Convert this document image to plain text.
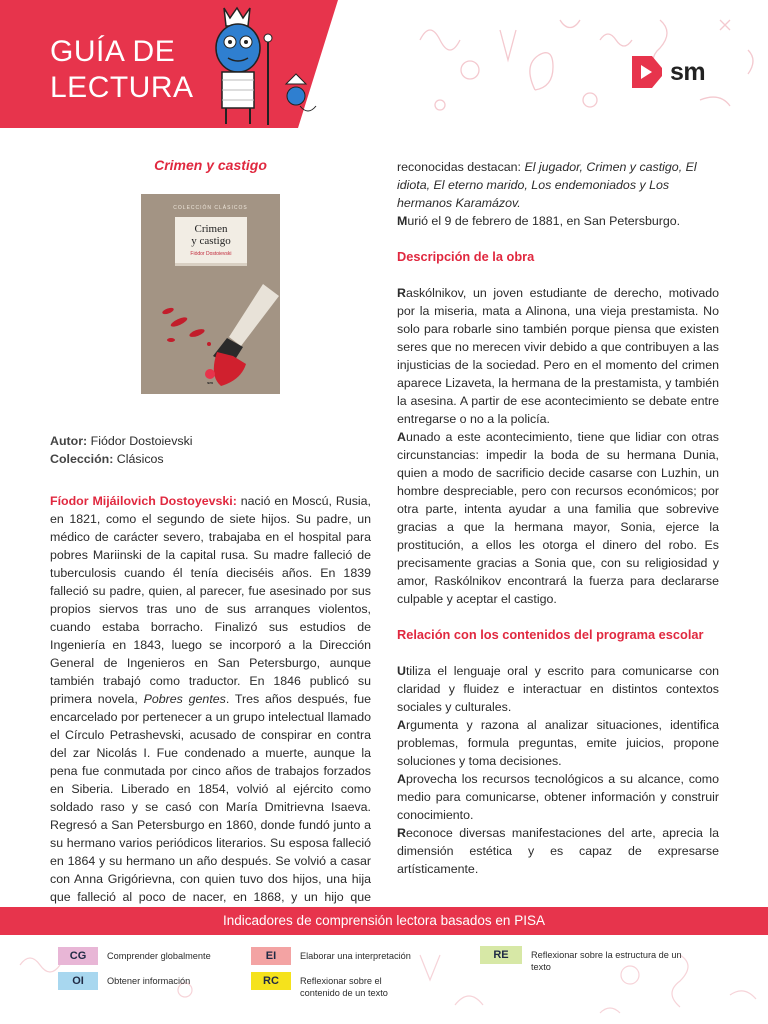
GUÍA DE
LECTURA	sm
Crimen y castigo
COLECCIÓN CLÁSICOS
Crimen
y castigo
Fiódor Dostoievski
sm
Autor: Fiódor Dostoievski
Colección: Clásicos

Fíodor Mijáilovich Dostoyevski: nació en Moscú, Rusia, en 1821, como el segundo de siete hijos. Su padre, un médico de carácter severo, trabajaba en el hospital para pobres Mariinski de la capital rusa. Su madre falleció de tuberculosis cuando él tenía dieciséis años. En 1839 falleció su padre, quien, al parecer, fue asesinado por sus propios siervos tras uno de sus arranques violentos, cuando estaba borracho. Finalizó sus estudios de Ingeniería en 1843, luego se incorporó a la Dirección General de Ingenieros en San Petersburgo, aunque también trabajó como traductor. En 1846 publicó su primera novela, Pobres gentes. Tres años después, fue encarcelado por pertenecer a un grupo intelectual llamado el Círculo Petrashevski, acusado de conspirar en contra del zar Nicolás I. Fue condenado a muerte, aunque la pena fue conmutada por cinco años de trabajos forzados en Siberia. Liberado en 1854, volvió al ejército como soldado raso y se casó con María Dmitrievna Isaeva. Regresó a San Petersburgo en 1860, donde fundó junto a su hermano varios periódicos literarios. Su esposa falleció en 1864 y su hermano un año después. Se volvió a casar con Anna Grigórievna, con quien tuvo dos hijos, una hija que falleció al poco de nacer, en 1868, y un hijo que

reconocidas destacan: El jugador, Crimen y castigo, El idiota, El eterno marido, Los endemoniados y Los hermanos Karamázov.
Murió el 9 de febrero de 1881, en San Petersburgo.

Descripción de la obra

Raskólnikov, un joven estudiante de derecho, motivado por la miseria, mata a Alinona, una vieja prestamista. No solo para robarle sino también porque piensa que existen seres que no merecen vivir debido a que contribuyen a las injusticias de la sociedad. Pero en el momento del crimen aparece Lizaveta, la hermana de la prestamista, y también la asesina. A partir de ese acontecimiento se debate entre entregarse o no a la policía.

Aunado a este acontecimiento, tiene que lidiar con otras circunstancias: impedir la boda de su hermana Dunia, quien a modo de sacrificio decide casarse con Luzhin, un hombre despreciable, pero con recursos económicos; por otra parte, intenta ayudar a una familia que sobrevive gracias a que la hermana mayor, Sonia, ejerce la prostitución, a ellos les otorga el dinero del robo. Es precisamente gracias a Sonia que, con su religiosidad y amor, Raskólnikov encontrará la fuerza para declararse culpable y aceptar el castigo.

Relación con los contenidos del programa escolar

Utiliza el lenguaje oral y escrito para comunicarse con claridad y fluidez e interactuar en distintos contextos sociales y culturales.

Argumenta y razona al analizar situaciones, identifica problemas, formula preguntas, emite juicios, propone soluciones y toma decisiones.

Aprovecha los recursos tecnológicos a su alcance, como medio para comunicarse, obtener información y construir conocimiento.

Reconoce diversas manifestaciones del arte, aprecia la dimensión estética y es capaz de expresarse artísticamente.

Indicadores de comprensión lectora basados en PISA
CG	Comprender globalmente
OI	Obtener información
EI	Elaborar una interpretación
RC	Reflexionar sobre el contenido de un texto
RE	Reflexionar sobre la estructura de un texto
